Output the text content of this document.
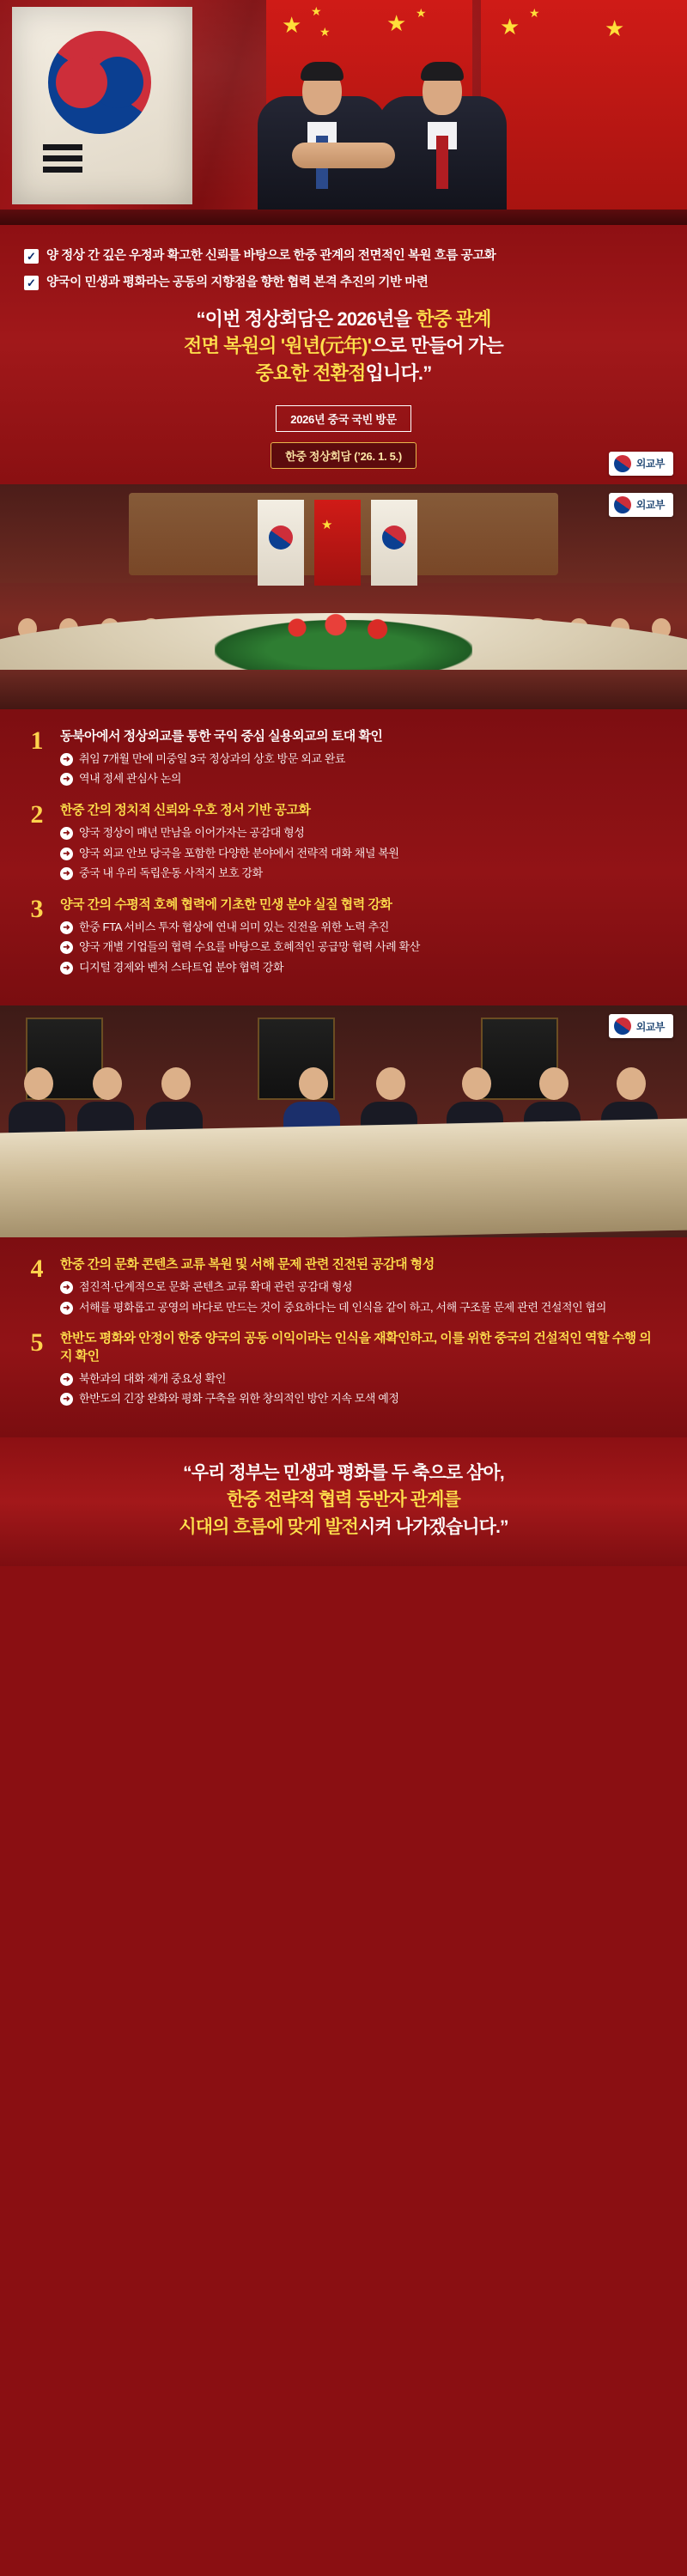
★
★
★	★ ★
★
★
★
✓ 양 정상 간 깊은 우정과 확고한 신뢰를 바탕으로 한중 관계의 전면적인 복원 흐름 공고화
✓ 양국이 민생과 평화라는 공동의 지향점을 향한 협력 본격 추진의 기반 마련
“이번 정상회담은 2026년을 한중 관계
전면 복원의 '원년(元年)'으로 만들어 가는
중요한 전환점입니다.”
2026년 중국 국빈 방문
한중 정상회담 (’26. 1. 5.)
외교부
★
외교부
1	동북아에서 정상외교를 통한 국익 중심 실용외교의 토대 확인
➜ 취임 7개월 만에 미중일 3국 정상과의 상호 방문 외교 완료
➜ 역내 정세 관심사 논의
2	한중 간의 정치적 신뢰와 우호 정서 기반 공고화
➜ 양국 정상이 매년 만남을 이어가자는 공감대 형성
➜ 양국 외교 안보 당국을 포함한 다양한 분야에서 전략적 대화 채널 복원
➜ 중국 내 우리 독립운동 사적지 보호 강화
3	양국 간의 수평적 호혜 협력에 기초한 민생 분야 실질 협력 강화
➜ 한중 FTA 서비스 투자 협상에 연내 의미 있는 진전을 위한 노력 추진
➜ 양국 개별 기업들의 협력 수요를 바탕으로 호혜적인 공급망 협력 사례 확산
➜ 디지털 경제와 벤처 스타트업 분야 협력 강화
외교부
4	한중 간의 문화 콘텐츠 교류 복원 및 서해 문제 관련 진전된 공감대 형성
➜ 점진적·단계적으로 문화 콘텐츠 교류 확대 관련 공감대 형성
➜ 서해를 평화롭고 공영의 바다로 만드는 것이 중요하다는 데 인식을 같이 하고, 서해 구조물 문제 관련 건설적인 협의
5	한반도 평화와 안정이 한중 양국의 공동 이익이라는 인식을 재확인하고, 이를 위한 중국의 건설적인 역할 수행 의지 확인
➜ 북한과의 대화 재개 중요성 확인
➜ 한반도의 긴장 완화와 평화 구축을 위한 창의적인 방안 지속 모색 예정
“우리 정부는 민생과 평화를 두 축으로 삼아,
한중 전략적 협력 동반자 관계를
시대의 흐름에 맞게 발전시켜 나가겠습니다.”
